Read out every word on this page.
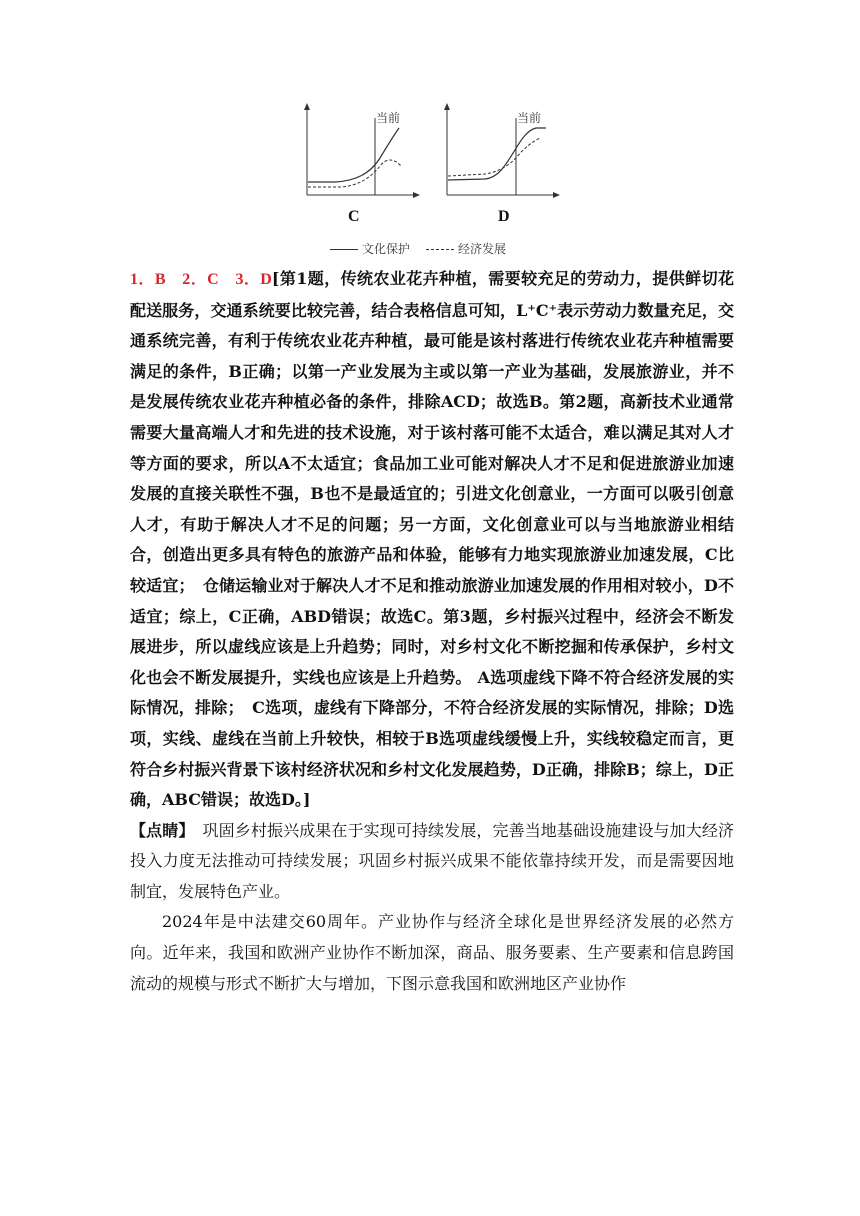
当前	当前
C	D
文化保护	经济发展

1．B　2．C　3．D[第1题，传统农业花卉种植，需要较充足的劳动力，提供鲜切花配送服务，交通系统要比较完善，结合表格信息可知，L⁺C⁺表示劳动力数量充足，交通系统完善，有利于传统农业花卉种植，最可能是该村落进行传统农业花卉种植需要满足的条件，B正确；以第一产业发展为主或以第一产业为基础，发展旅游业，并不是发展传统农业花卉种植必备的条件，排除ACD；故选B。第2题，高新技术业通常需要大量高端人才和先进的技术设施，对于该村落可能不太适合，难以满足其对人才等方面的要求，所以A不太适宜；食品加工业可能对解决人才不足和促进旅游业加速发展的直接关联性不强，B也不是最适宜的；引进文化创意业，一方面可以吸引创意人才，有助于解决人才不足的问题；另一方面，文化创意业可以与当地旅游业相结合，创造出更多具有特色的旅游产品和体验，能够有力地实现旅游业加速发展，C比较适宜；　仓储运输业对于解决人才不足和推动旅游业加速发展的作用相对较小，D不适宜；综上，C正确，ABD错误；故选C。第3题，乡村振兴过程中，经济会不断发展进步，所以虚线应该是上升趋势；同时，对乡村文化不断挖掘和传承保护，乡村文化也会不断发展提升，实线也应该是上升趋势。 A选项虚线下降不符合经济发展的实际情况，排除；　C选项，虚线有下降部分，不符合经济发展的实际情况，排除；D选项，实线、虚线在当前上升较快，相较于B选项虚线缓慢上升，实线较稳定而言，更符合乡村振兴背景下该村经济状况和乡村文化发展趋势，D正确，排除B；综上，D正确，ABC错误；故选D。]

【点睛】　巩固乡村振兴成果在于实现可持续发展，完善当地基础设施建设与加大经济投入力度无法推动可持续发展；巩固乡村振兴成果不能依靠持续开发，而是需要因地制宜，发展特色产业。

2024年是中法建交60周年。产业协作与经济全球化是世界经济发展的必然方向。近年来，我国和欧洲产业协作不断加深，商品、服务要素、生产要素和信息跨国流动的规模与形式不断扩大与增加，下图示意我国和欧洲地区产业协作
